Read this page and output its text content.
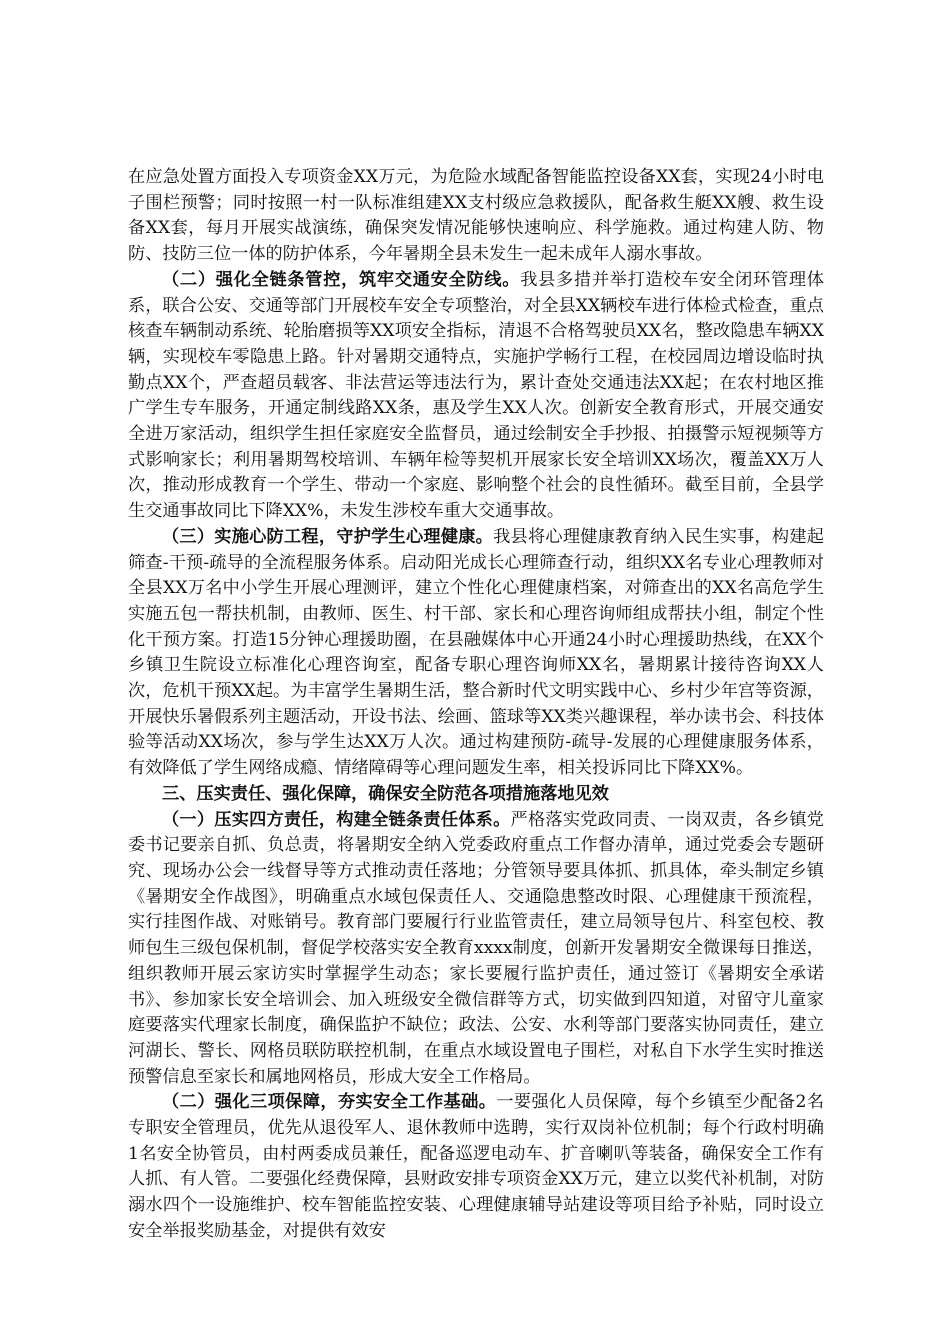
在应急处置方面投入专项资金XX万元，为危险水域配备智能监控设备XX套，实现24小时电子围栏预警；同时按照一村一队标准组建XX支村级应急救援队，配备救生艇XX艘、救生设备XX套，每月开展实战演练，确保突发情况能够快速响应、科学施救。通过构建人防、物防、技防三位一体的防护体系，今年暑期全县未发生一起未成年人溺水事故。

（二）强化全链条管控，筑牢交通安全防线。我县多措并举打造校车安全闭环管理体系，联合公安、交通等部门开展校车安全专项整治，对全县XX辆校车进行体检式检查，重点核查车辆制动系统、轮胎磨损等XX项安全指标，清退不合格驾驶员XX名，整改隐患车辆XX辆，实现校车零隐患上路。针对暑期交通特点，实施护学畅行工程，在校园周边增设临时执勤点XX个，严查超员载客、非法营运等违法行为，累计查处交通违法XX起；在农村地区推广学生专车服务，开通定制线路XX条，惠及学生XX人次。创新安全教育形式，开展交通安全进万家活动，组织学生担任家庭安全监督员，通过绘制安全手抄报、拍摄警示短视频等方式影响家长；利用暑期驾校培训、车辆年检等契机开展家长安全培训XX场次，覆盖XX万人次，推动形成教育一个学生、带动一个家庭、影响整个社会的良性循环。截至目前，全县学生交通事故同比下降XX%，未发生涉校车重大交通事故。

（三）实施心防工程，守护学生心理健康。我县将心理健康教育纳入民生实事，构建起筛查-干预-疏导的全流程服务体系。启动阳光成长心理筛查行动，组织XX名专业心理教师对全县XX万名中小学生开展心理测评，建立个性化心理健康档案，对筛查出的XX名高危学生实施五包一帮扶机制，由教师、医生、村干部、家长和心理咨询师组成帮扶小组，制定个性化干预方案。打造15分钟心理援助圈，在县融媒体中心开通24小时心理援助热线，在XX个乡镇卫生院设立标准化心理咨询室，配备专职心理咨询师XX名，暑期累计接待咨询XX人次，危机干预XX起。为丰富学生暑期生活，整合新时代文明实践中心、乡村少年宫等资源，开展快乐暑假系列主题活动，开设书法、绘画、篮球等XX类兴趣课程，举办读书会、科技体验等活动XX场次，参与学生达XX万人次。通过构建预防-疏导-发展的心理健康服务体系，有效降低了学生网络成瘾、情绪障碍等心理问题发生率，相关投诉同比下降XX%。

三、压实责任、强化保障，确保安全防范各项措施落地见效

（一）压实四方责任，构建全链条责任体系。严格落实党政同责、一岗双责，各乡镇党委书记要亲自抓、负总责，将暑期安全纳入党委政府重点工作督办清单，通过党委会专题研究、现场办公会一线督导等方式推动责任落地；分管领导要具体抓、抓具体，牵头制定乡镇《暑期安全作战图》，明确重点水域包保责任人、交通隐患整改时限、心理健康干预流程，实行挂图作战、对账销号。教育部门要履行行业监管责任，建立局领导包片、科室包校、教师包生三级包保机制，督促学校落实安全教育xxxx制度，创新开发暑期安全微课每日推送，组织教师开展云家访实时掌握学生动态；家长要履行监护责任，通过签订《暑期安全承诺书》、参加家长安全培训会、加入班级安全微信群等方式，切实做到四知道，对留守儿童家庭要落实代理家长制度，确保监护不缺位；政法、公安、水利等部门要落实协同责任，建立河湖长、警长、网格员联防联控机制，在重点水域设置电子围栏，对私自下水学生实时推送预警信息至家长和属地网格员，形成大安全工作格局。

（二）强化三项保障，夯实安全工作基础。一要强化人员保障，每个乡镇至少配备2名专职安全管理员，优先从退役军人、退休教师中选聘，实行双岗补位机制；每个行政村明确1名安全协管员，由村两委成员兼任，配备巡逻电动车、扩音喇叭等装备，确保安全工作有人抓、有人管。二要强化经费保障，县财政安排专项资金XX万元，建立以奖代补机制，对防溺水四个一设施维护、校车智能监控安装、心理健康辅导站建设等项目给予补贴，同时设立安全举报奖励基金，对提供有效安
